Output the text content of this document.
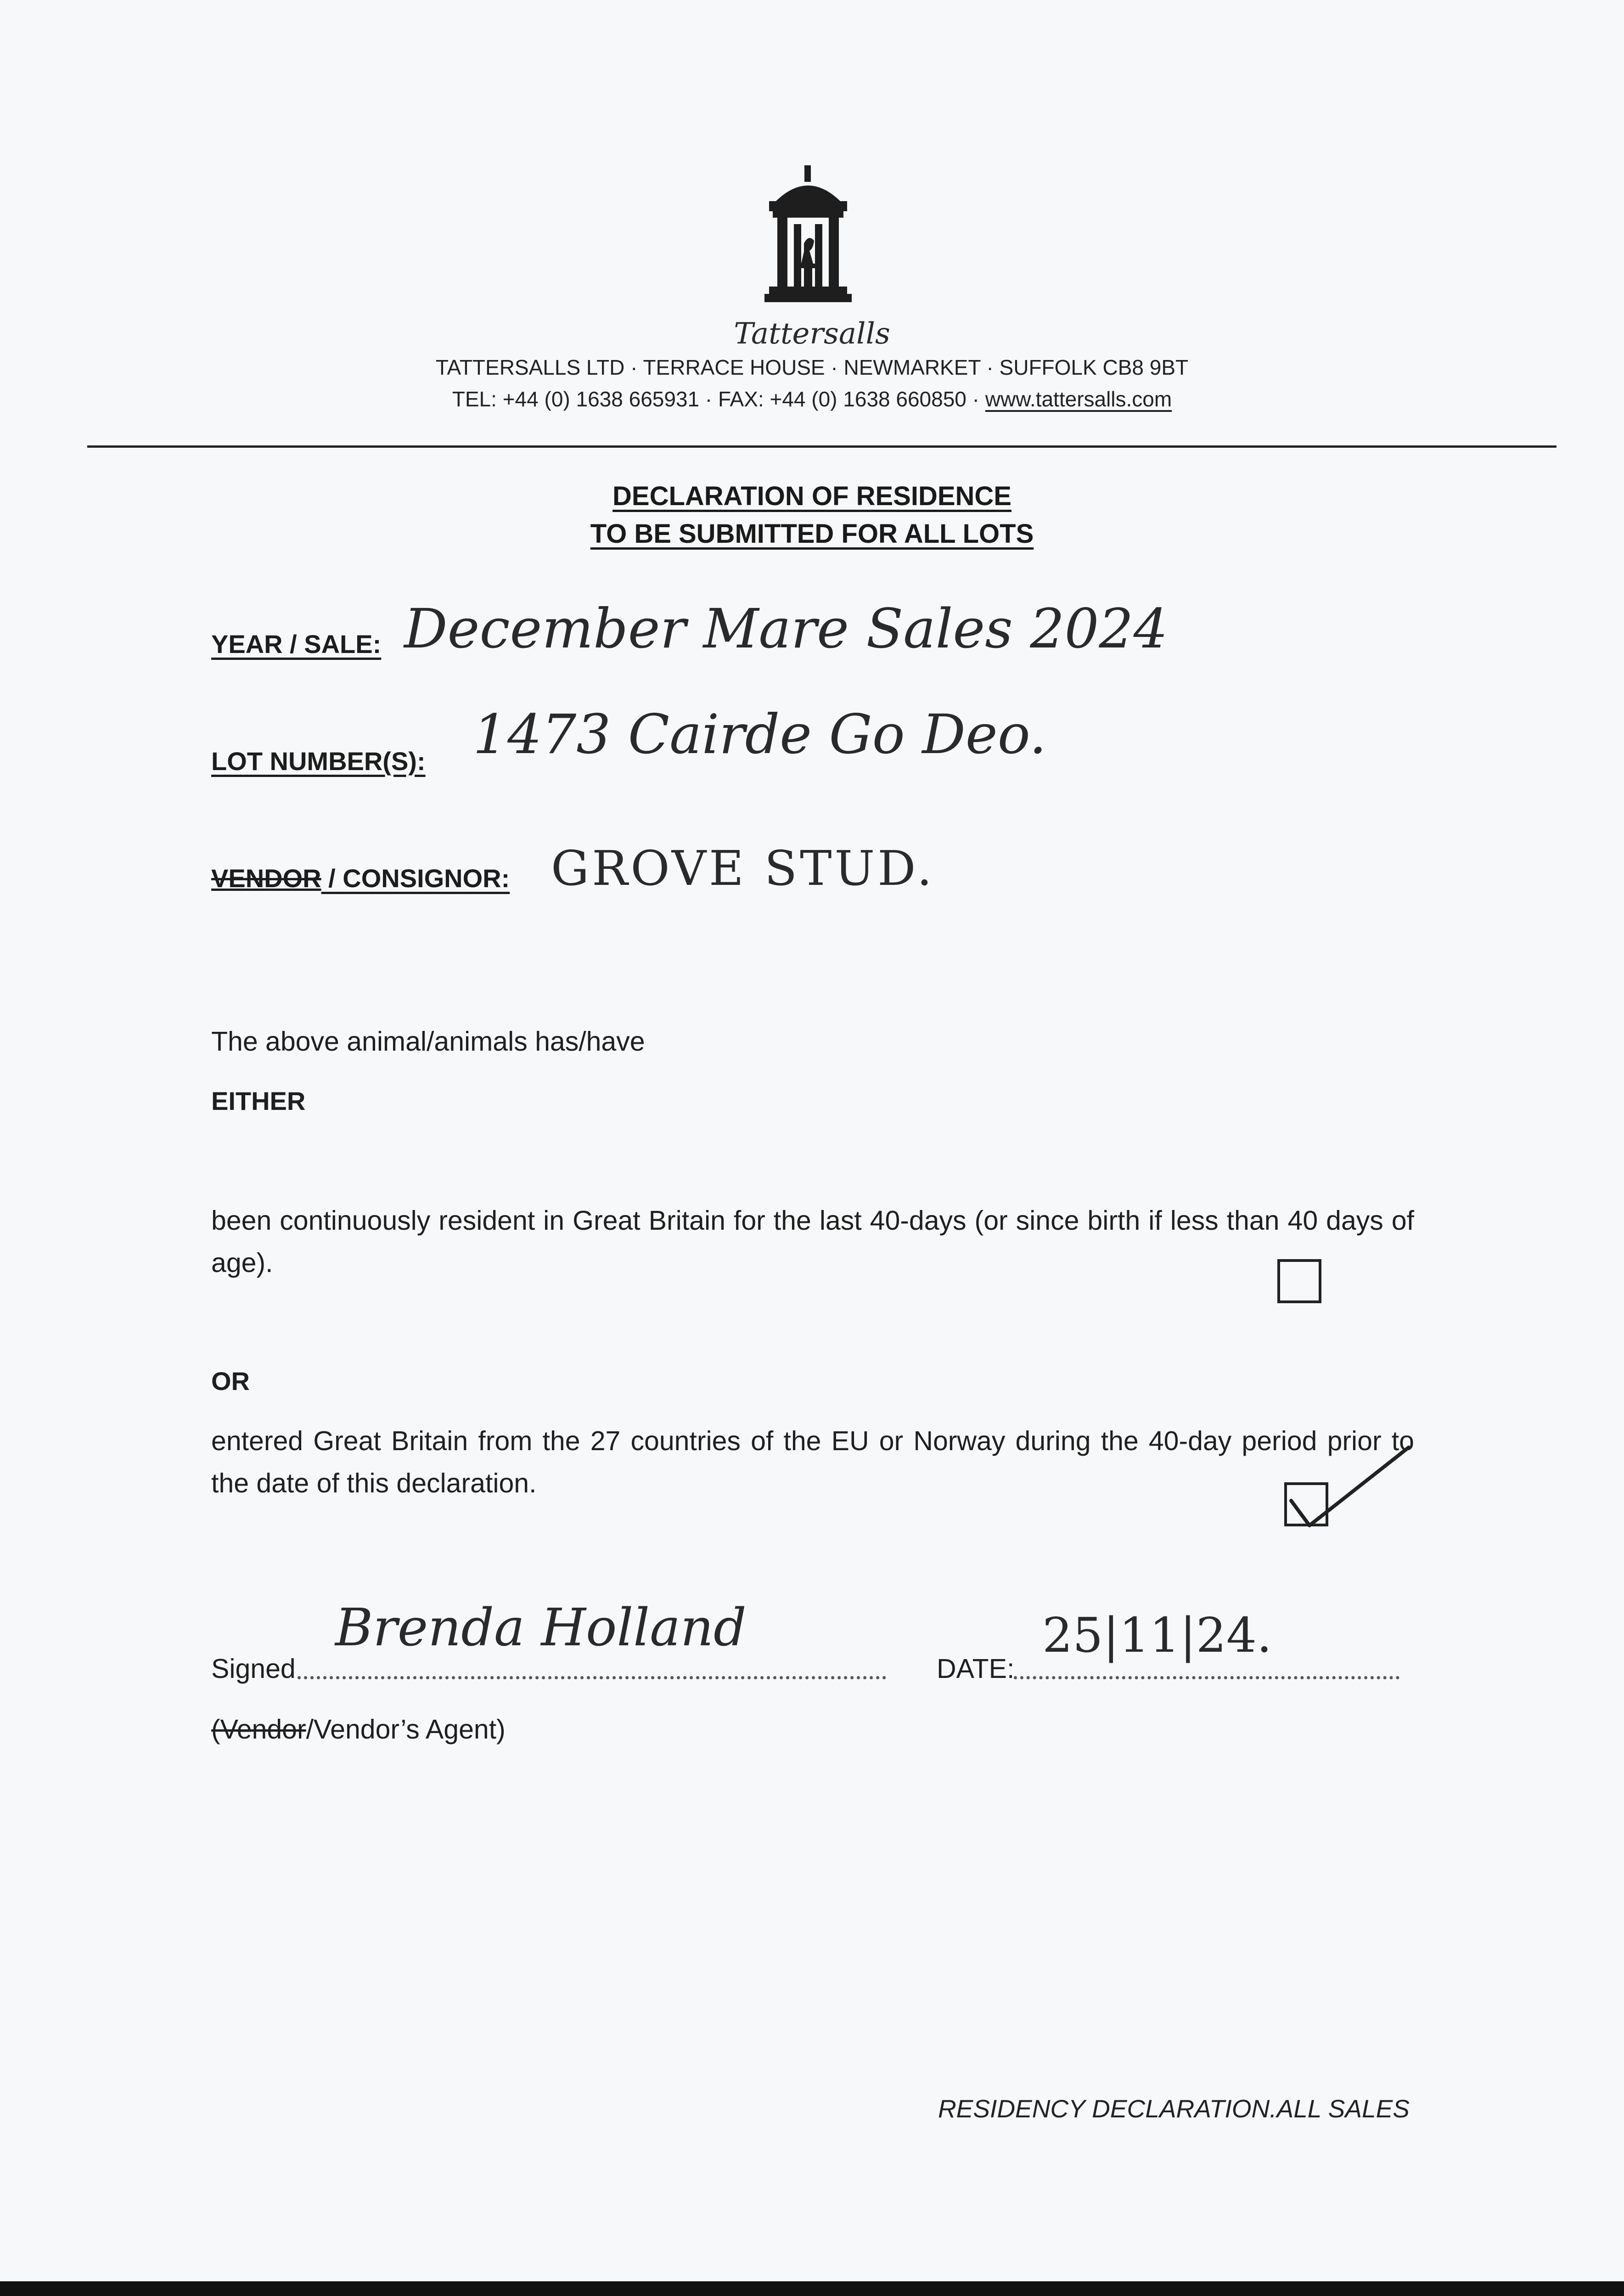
Tattersalls
TATTERSALLS LTD · TERRACE HOUSE · NEWMARKET · SUFFOLK CB8 9BT
TEL: +44 (0) 1638 665931 · FAX: +44 (0) 1638 660850 · www.tattersalls.com
DECLARATION OF RESIDENCE
TO BE SUBMITTED FOR ALL LOTS
YEAR / SALE: December Mare Sales 2024
LOT NUMBER(S): 1473 Cairde Go Deo.
VENDOR / CONSIGNOR: GROVE STUD.
The above animal/animals has/have
EITHER
been continuously resident in Great Britain for the last 40-days (or since birth if less than 40 days of age).
OR
entered Great Britain from the 27 countries of the EU or Norway during the 40-day period prior to the date of this declaration.
Signed
Brenda Holland
DATE:
25|11|24.
(Vendor/Vendor’s Agent)
RESIDENCY DECLARATION.ALL SALES
